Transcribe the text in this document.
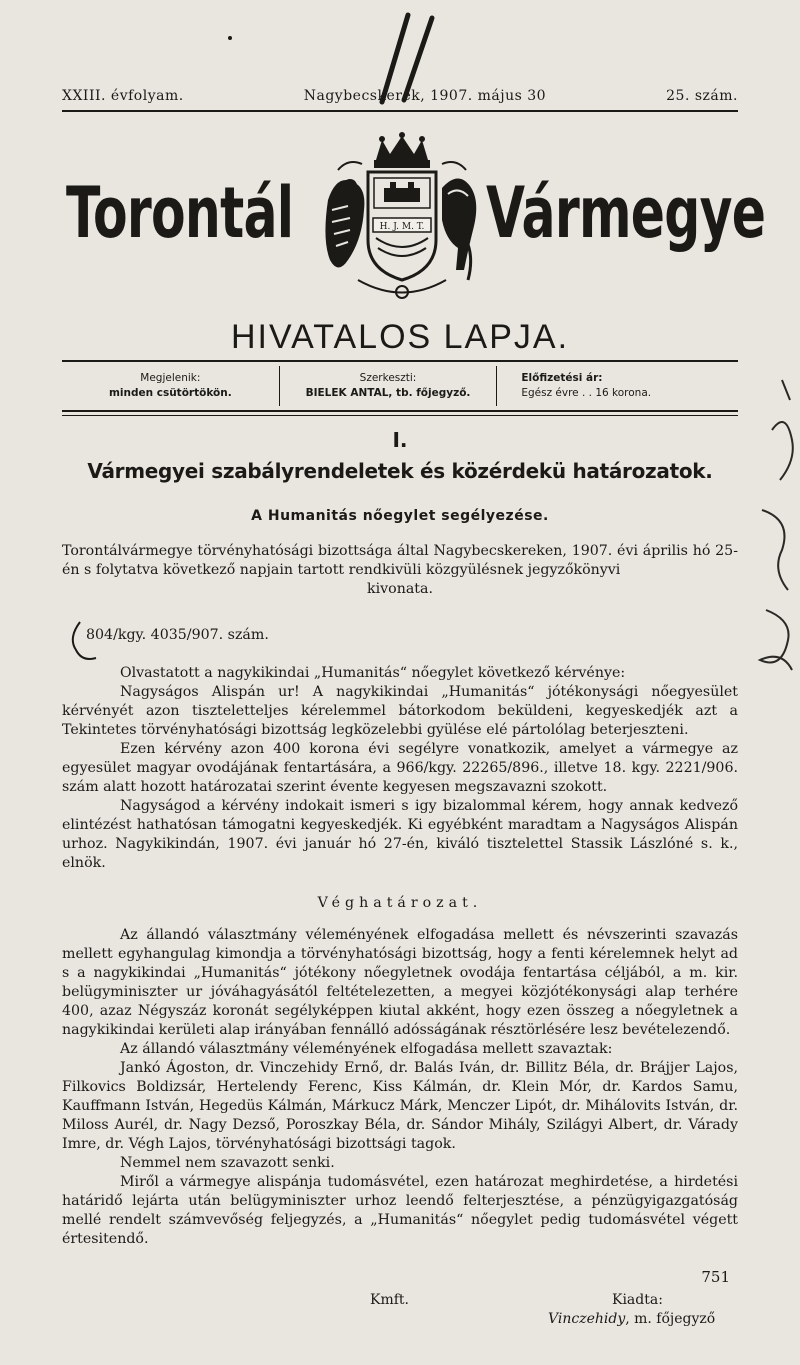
XXIII. évfolyam.	Nagybecskerek, 1907. május 30	25. szám.
Torontál	Vármegye
H. J. M. T.
HIVATALOS LAPJA.
Megjelenik:
minden csütörtökön.
Szerkeszti:
BIELEK ANTAL, tb. főjegyző.
Előfizetési ár:
Egész évre . . 16 korona.
I.
Vármegyei szabályrendeletek és közérdekü határozatok.
A Humanitás nőegylet segélyezése.

Torontálvármegye törvényhatósági bizottsága által Nagybecskereken, 1907. évi április hó 25-én s folytatva következő napjain tartott rendkivüli közgyülésnek jegyzőkönyvi

kivonata.

804/kgy. 4035/907. szám.

Olvastatott a nagykikindai „Humanitás“ nőegylet következő kérvénye:

Nagyságos Alispán ur! A nagykikindai „Humanitás“ jótékonysági nőegyesület kérvényét azon tiszteletteljes kérelemmel bátorkodom beküldeni, kegyeskedjék azt a Tekintetes törvényhatósági bizottság legközelebbi gyülése elé pártolólag beterjeszteni.

Ezen kérvény azon 400 korona évi segélyre vonatkozik, amelyet a vármegye az egyesület magyar ovodájának fentartására, a 966/kgy. 22265/896., illetve 18. kgy. 2221/906. szám alatt hozott határozatai szerint évente kegyesen megszavazni szokott.

Nagyságod a kérvény indokait ismeri s igy bizalommal kérem, hogy annak kedvező elintézést hathatósan támogatni kegyeskedjék. Ki egyébként maradtam a Nagyságos Alispán urhoz. Nagykikindán, 1907. évi január hó 27-én, kiváló tisztelettel Stassik Lászlóné s. k., elnök.

Véghatározat.

Az állandó választmány véleményének elfogadása mellett és névszerinti szavazás mellett egyhangulag kimondja a törvényhatósági bizottság, hogy a fenti kérelemnek helyt ad s a nagykikindai „Humanitás“ jótékony nőegyletnek ovodája fentartása céljából, a m. kir. belügyminiszter ur jóváhagyásától feltételezetten, a megyei közjótékonysági alap terhére 400, azaz Négyszáz koronát segélyképpen kiutal akként, hogy ezen összeg a nőegyletnek a nagykikindai kerületi alap irányában fennálló adósságának résztörlésére lesz bevételezendő.

Az állandó választmány véleményének elfogadása mellett szavaztak:

Jankó Ágoston, dr. Vinczehidy Ernő, dr. Balás Iván, dr. Billitz Béla, dr. Brájjer Lajos, Filkovics Boldizsár, Hertelendy Ferenc, Kiss Kálmán, dr. Klein Mór, dr. Kardos Samu, Kauffmann István, Hegedüs Kálmán, Márkucz Márk, Menczer Lipót, dr. Mihálovits István, dr. Miloss Aurél, dr. Nagy Dezső, Poroszkay Béla, dr. Sándor Mihály, Szilágyi Albert, dr. Várady Imre, dr. Végh Lajos, törvényhatósági bizottsági tagok.

Nemmel nem szavazott senki.

Miről a vármegye alispánja tudomásvétel, ezen határozat meghirdetése, a hirdetési határidő lejárta után belügyminiszter urhoz leendő felterjesztése, a pénzügyigazgatóság mellé rendelt számvevőség feljegyzés, a „Humanitás“ nőegylet pedig tudomásvétel végett értesitendő.

751
Kmft.	Kiadta:
Vinczehidy, m. főjegyző
